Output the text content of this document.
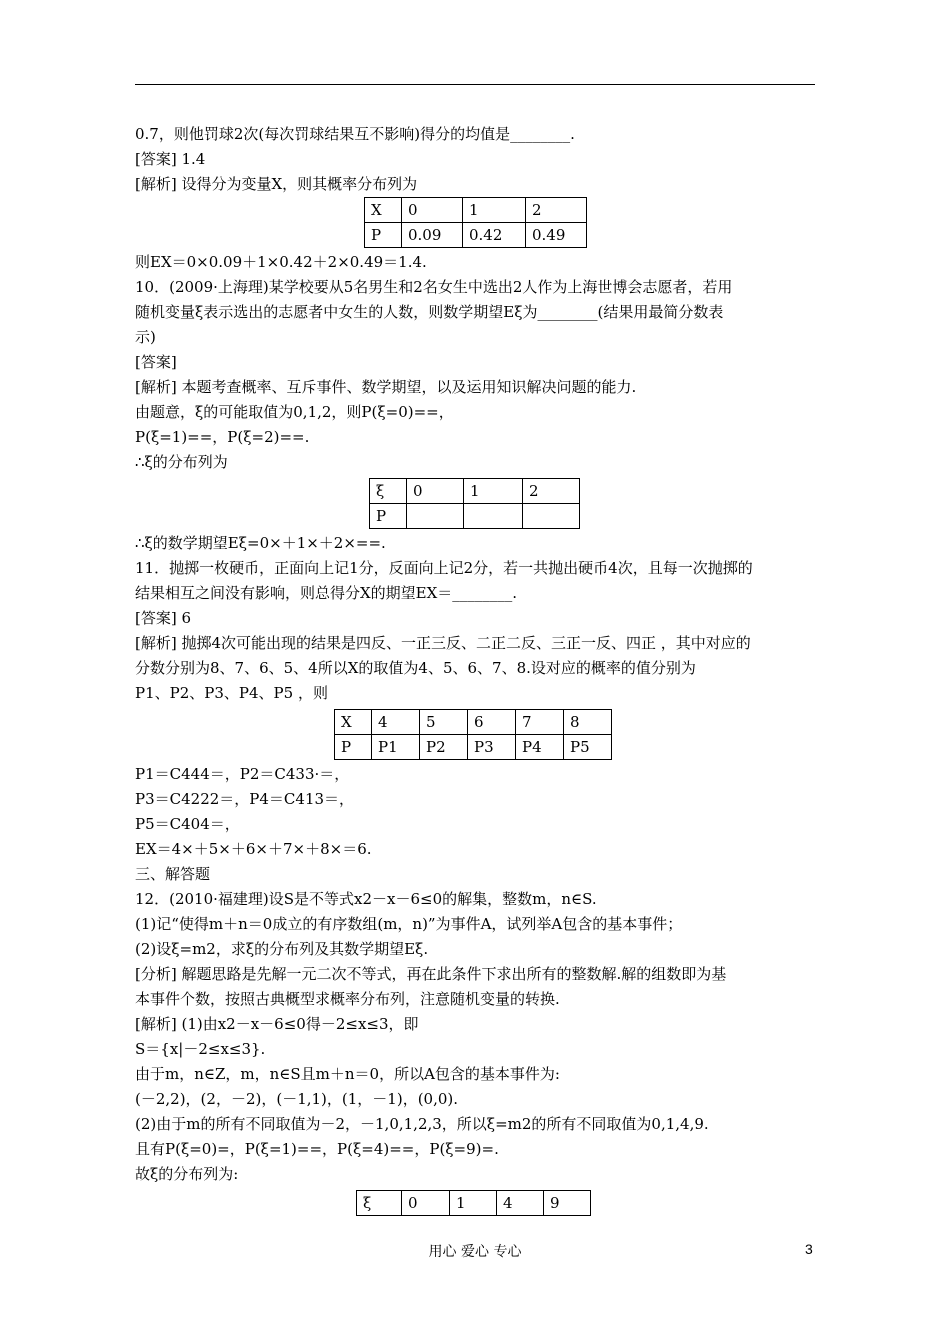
0.7，则他罚球2次(每次罚球结果互不影响)得分的均值是________.
[答案] 1.4
[解析] 设得分为变量X，则其概率分布列为
X	0	1	2
P	0.09	0.42	0.49
则EX＝0×0.09＋1×0.42＋2×0.49＝1.4.
10．(2009·上海理)某学校要从5名男生和2名女生中选出2人作为上海世博会志愿者，若用
随机变量ξ表示选出的志愿者中女生的人数，则数学期望Eξ为________(结果用最简分数表
示)
[答案]
[解析] 本题考查概率、互斥事件、数学期望，以及运用知识解决问题的能力.
由题意，ξ的可能取值为0,1,2，则P(ξ=0)==，
P(ξ=1)==，P(ξ=2)==.
∴ξ的分布列为
ξ	0	1	2
P			
∴ξ的数学期望Eξ=0×＋1×＋2×==.
11．抛掷一枚硬币，正面向上记1分，反面向上记2分，若一共抛出硬币4次，且每一次抛掷的
结果相互之间没有影响，则总得分X的期望EX＝________.
[答案] 6
[解析] 抛掷4次可能出现的结果是四反、一正三反、二正二反、三正一反、四正 ，其中对应的
分数分别为8、7、6、5、4所以X的取值为4、5、6、7、8.设对应的概率的值分别为
P1、P2、P3、P4、P5 ，则
X	4	5	6	7	8
P	P1	P2	P3	P4	P5
P1＝C444＝，P2＝C433·＝，
P3＝C4222＝，P4＝C413＝，
P5＝C404＝，
EX＝4×＋5×＋6×＋7×＋8×＝6.
三、解答题
12．(2010·福建理)设S是不等式x2－x－6≤0的解集，整数m，n∈S.
(1)记“使得m＋n＝0成立的有序数组(m，n)”为事件A，试列举A包含的基本事件；
(2)设ξ=m2，求ξ的分布列及其数学期望Eξ.
[分析] 解题思路是先解一元二次不等式，再在此条件下求出所有的整数解.解的组数即为基
本事件个数，按照古典概型求概率分布列，注意随机变量的转换.
[解析] (1)由x2－x－6≤0得－2≤x≤3，即
S＝{x|－2≤x≤3}.
由于m，n∈Z，m，n∈S且m＋n＝0，所以A包含的基本事件为:
(－2,2)，(2，－2)，(－1,1)，(1，－1)，(0,0).
(2)由于m的所有不同取值为－2，－1,0,1,2,3，所以ξ=m2的所有不同取值为0,1,4,9.
且有P(ξ=0)=，P(ξ=1)==，P(ξ=4)==，P(ξ=9)=.
故ξ的分布列为:
ξ	0	1	4	9
用心 爱心 专心	3
